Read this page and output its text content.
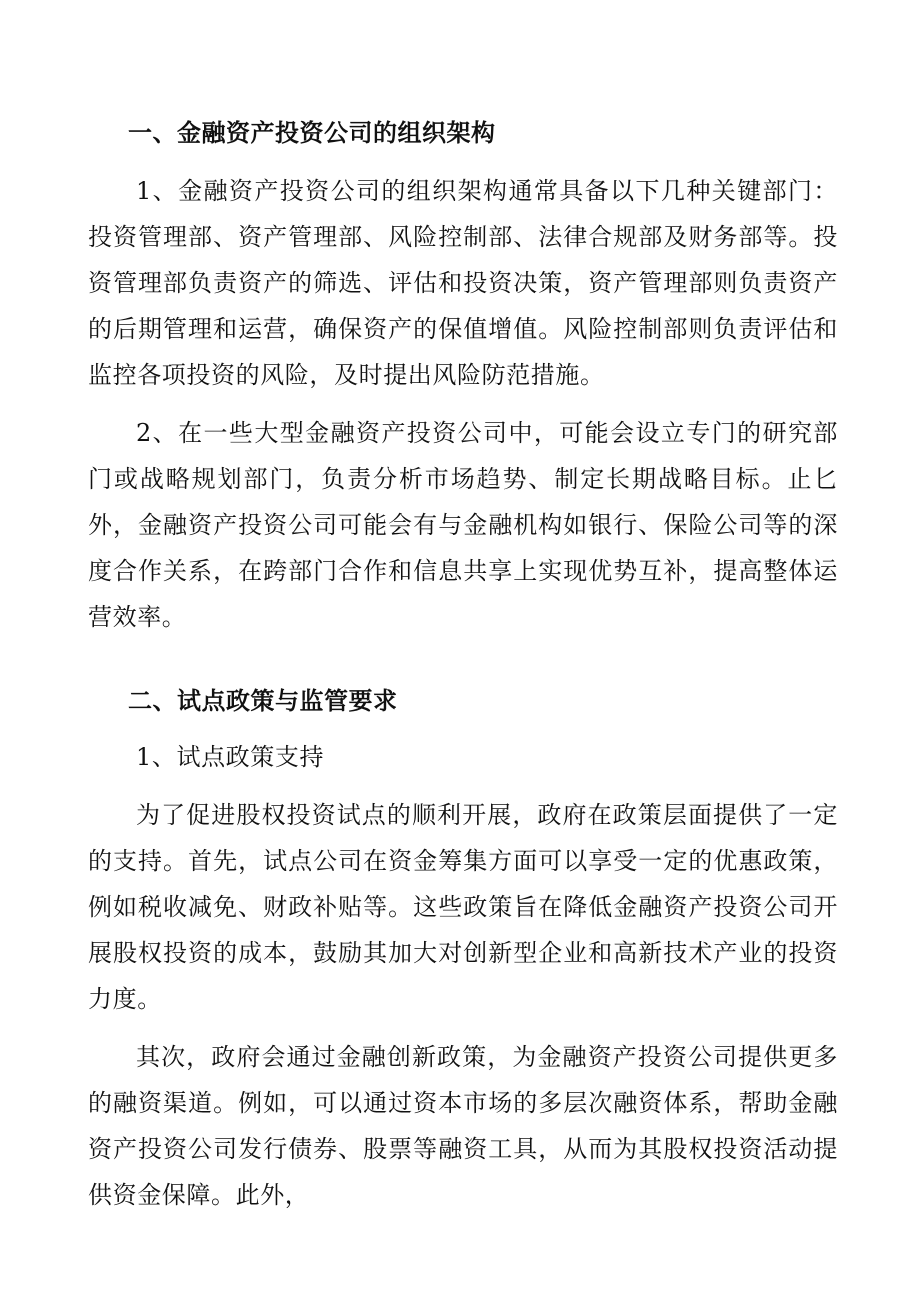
一、金融资产投资公司的组织架构

1、金融资产投资公司的组织架构通常具备以下几种关键部门：投资管理部、资产管理部、风险控制部、法律合规部及财务部等。投资管理部负责资产的筛选、评估和投资决策，资产管理部则负责资产的后期管理和运营，确保资产的保值增值。风险控制部则负责评估和监控各项投资的风险，及时提出风险防范措施。

2、在一些大型金融资产投资公司中，可能会设立专门的研究部门或战略规划部门，负责分析市场趋势、制定长期战略目标。止匕外，金融资产投资公司可能会有与金融机构如银行、保险公司等的深度合作关系，在跨部门合作和信息共享上实现优势互补，提高整体运营效率。

二、试点政策与监管要求

1、试点政策支持

为了促进股权投资试点的顺利开展，政府在政策层面提供了一定的支持。首先，试点公司在资金筹集方面可以享受一定的优惠政策，例如税收减免、财政补贴等。这些政策旨在降低金融资产投资公司开展股权投资的成本，鼓励其加大对创新型企业和高新技术产业的投资力度。

其次，政府会通过金融创新政策，为金融资产投资公司提供更多的融资渠道。例如，可以通过资本市场的多层次融资体系，帮助金融资产投资公司发行债券、股票等融资工具，从而为其股权投资活动提供资金保障。此外，
